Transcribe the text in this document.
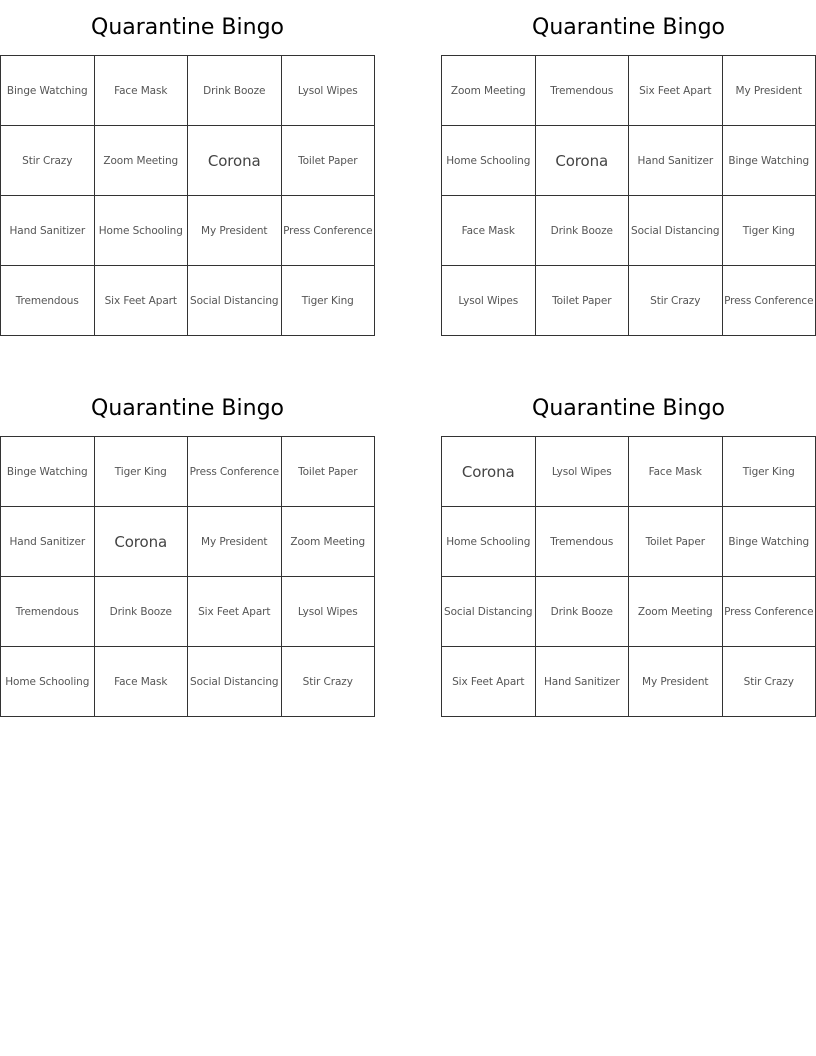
Quarantine Bingo
Binge Watching	Face Mask	Drink Booze	Lysol Wipes
Stir Crazy	Zoom Meeting	Corona	Toilet Paper
Hand Sanitizer	Home Schooling	My President	Press Conference
Tremendous	Six Feet Apart	Social Distancing	Tiger King
Quarantine Bingo
Zoom Meeting	Tremendous	Six Feet Apart	My President
Home Schooling	Corona	Hand Sanitizer	Binge Watching
Face Mask	Drink Booze	Social Distancing	Tiger King
Lysol Wipes	Toilet Paper	Stir Crazy	Press Conference
Quarantine Bingo
Binge Watching	Tiger King	Press Conference	Toilet Paper
Hand Sanitizer	Corona	My President	Zoom Meeting
Tremendous	Drink Booze	Six Feet Apart	Lysol Wipes
Home Schooling	Face Mask	Social Distancing	Stir Crazy
Quarantine Bingo
Corona	Lysol Wipes	Face Mask	Tiger King
Home Schooling	Tremendous	Toilet Paper	Binge Watching
Social Distancing	Drink Booze	Zoom Meeting	Press Conference
Six Feet Apart	Hand Sanitizer	My President	Stir Crazy
